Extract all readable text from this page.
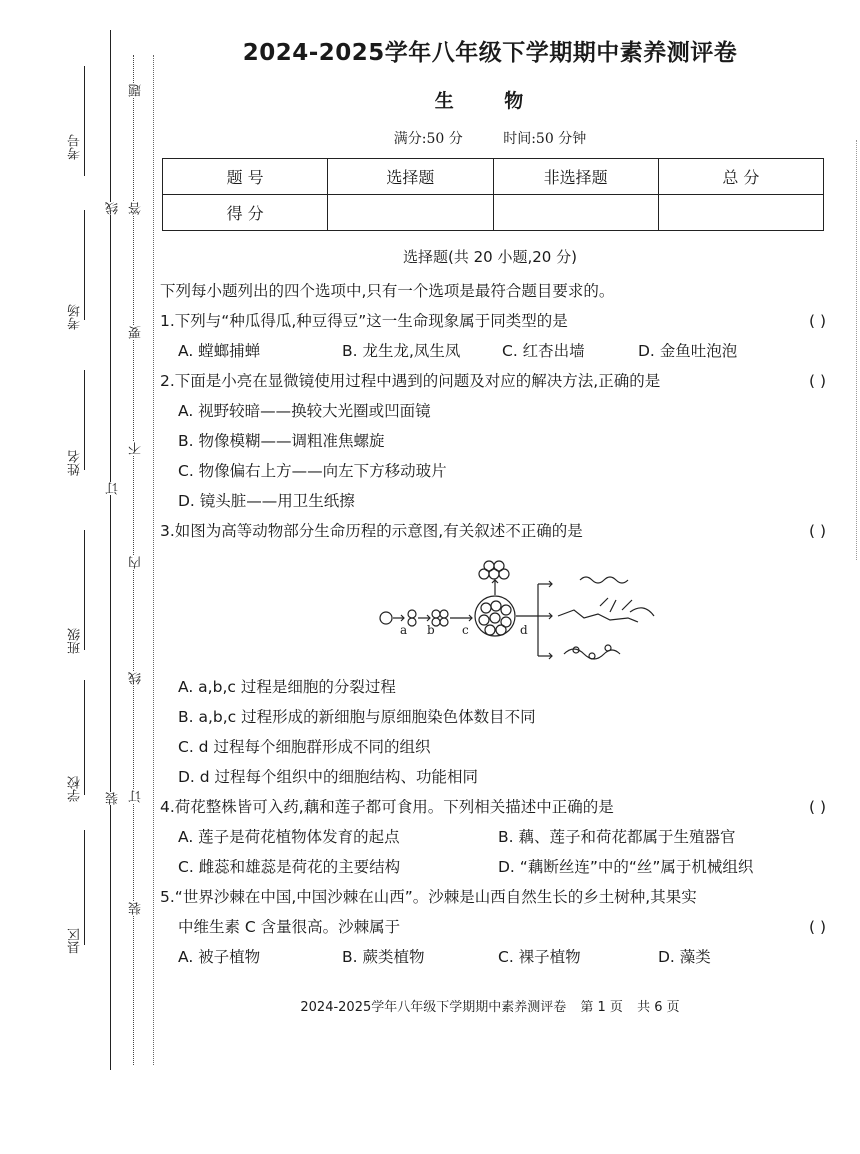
考号
考场
姓名
班级
学校
县区
线
订
装
题
答
要
不
内
线
订
装
2024-2025学年八年级下学期期中素养测评卷
生 物
满分:50 分	时间:50 分钟
题 号	选择题	非选择题	总 分
得 分			
选择题(共 20 小题,20 分)
下列每小题列出的四个选项中,只有一个选项是最符合题目要求的。
1.下列与“种瓜得瓜,种豆得豆”这一生命现象属于同类型的是	( )
A. 螳螂捕蝉	B. 龙生龙,凤生凤	C. 红杏出墙	D. 金鱼吐泡泡
2.下面是小亮在显微镜使用过程中遇到的问题及对应的解决方法,正确的是	( )
A. 视野较暗——换较大光圈或凹面镜
B. 物像模糊——调粗准焦螺旋
C. 物像偏右上方——向左下方移动玻片
D. 镜头脏——用卫生纸擦
3.如图为高等动物部分生命历程的示意图,有关叙述不正确的是	( )
a b c	d
A. a,b,c 过程是细胞的分裂过程
B. a,b,c 过程形成的新细胞与原细胞染色体数目不同
C. d 过程每个细胞群形成不同的组织
D. d 过程每个组织中的细胞结构、功能相同
4.荷花整株皆可入药,藕和莲子都可食用。下列相关描述中正确的是	( )
A. 莲子是荷花植物体发育的起点	B. 藕、莲子和荷花都属于生殖器官
C. 雌蕊和雄蕊是荷花的主要结构	D. “藕断丝连”中的“丝”属于机械组织
5.“世界沙棘在中国,中国沙棘在山西”。沙棘是山西自然生长的乡土树种,其果实
中维生素 C 含量很高。沙棘属于	( )
A. 被子植物	B. 蕨类植物	C. 裸子植物	D. 藻类
2024-2025学年八年级下学期期中素养测评卷 第 1 页 共 6 页
